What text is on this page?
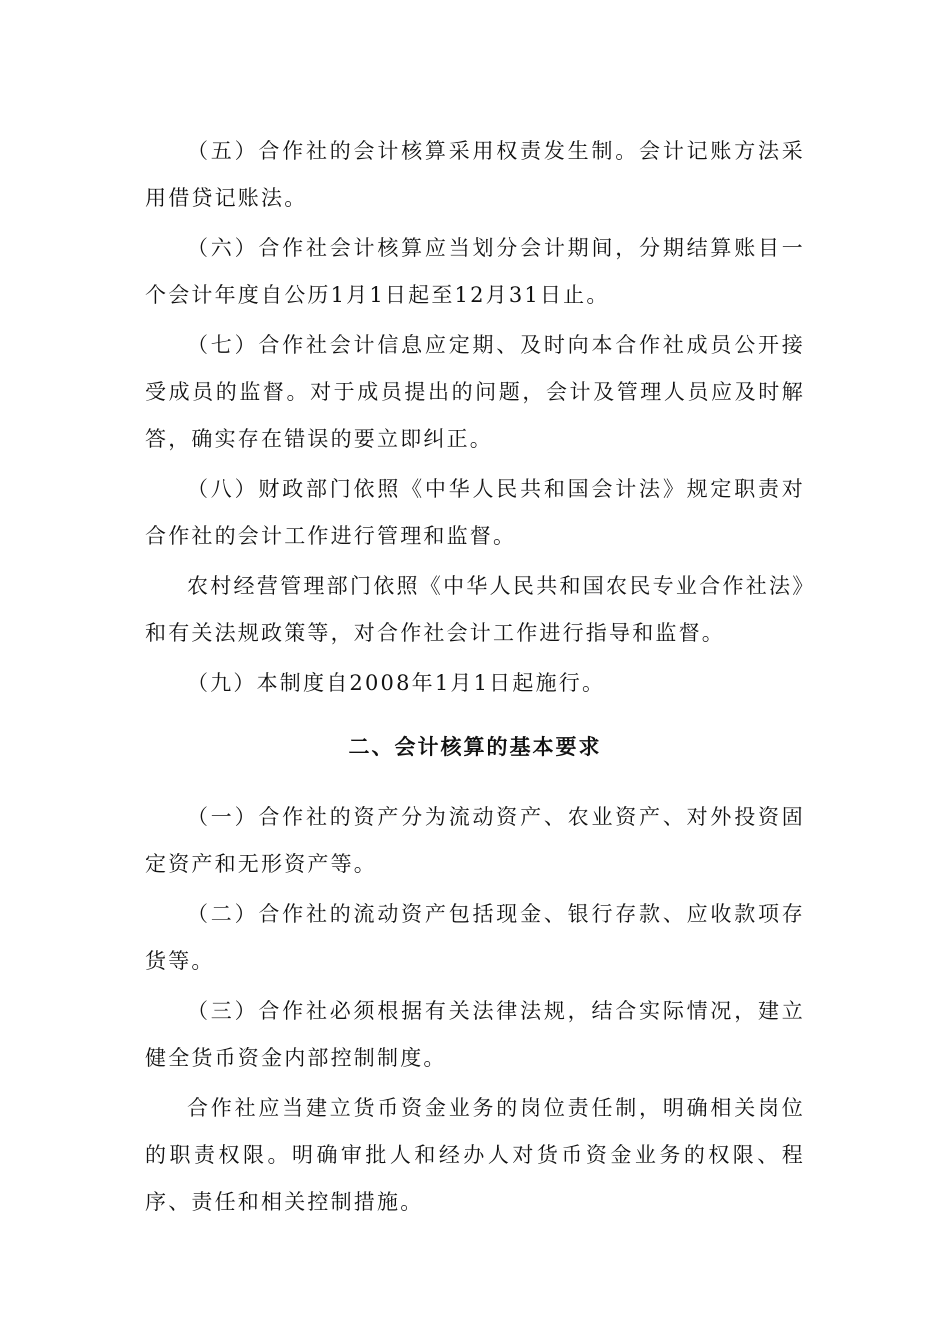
（五）合作社的会计核算采用权责发生制。会计记账方法采用借贷记账法。

（六）合作社会计核算应当划分会计期间，分期结算账目一个会计年度自公历1月1日起至12月31日止。

（七）合作社会计信息应定期、及时向本合作社成员公开接受成员的监督。对于成员提出的问题，会计及管理人员应及时解答，确实存在错误的要立即纠正。

（八）财政部门依照《中华人民共和国会计法》规定职责对合作社的会计工作进行管理和监督。

农村经营管理部门依照《中华人民共和国农民专业合作社法》和有关法规政策等，对合作社会计工作进行指导和监督。

（九）本制度自2008年1月1日起施行。

二、会计核算的基本要求

（一）合作社的资产分为流动资产、农业资产、对外投资固定资产和无形资产等。

（二）合作社的流动资产包括现金、银行存款、应收款项存货等。

（三）合作社必须根据有关法律法规，结合实际情况，建立健全货币资金内部控制制度。

合作社应当建立货币资金业务的岗位责任制，明确相关岗位的职责权限。明确审批人和经办人对货币资金业务的权限、程序、责任和相关控制措施。
